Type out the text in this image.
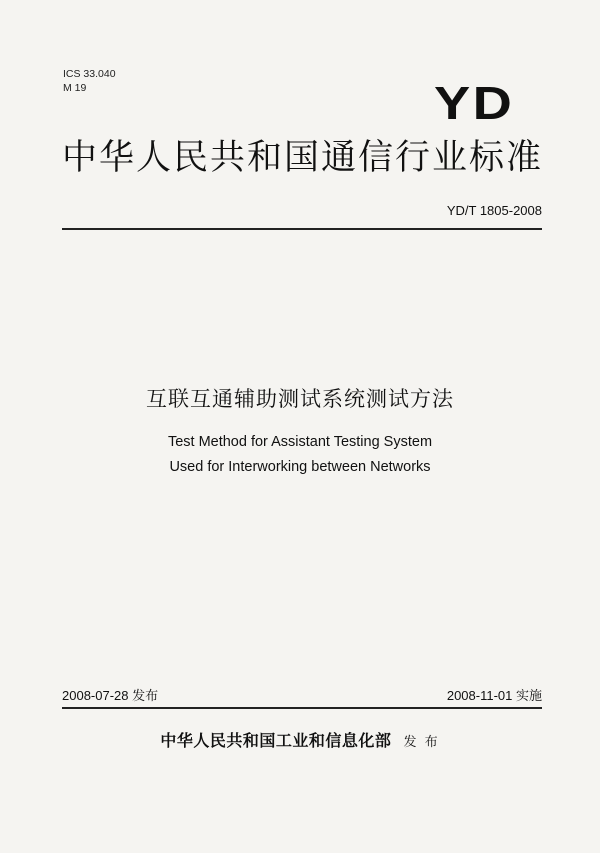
ICS 33.040
M 19	YD
中华人民共和国通信行业标准
YD/T 1805-2008
互联互通辅助测试系统测试方法
Test Method for Assistant Testing System
Used for Interworking between Networks
2008-07-28 发布	2008-11-01 实施
中华人民共和国工业和信息化部 发 布
